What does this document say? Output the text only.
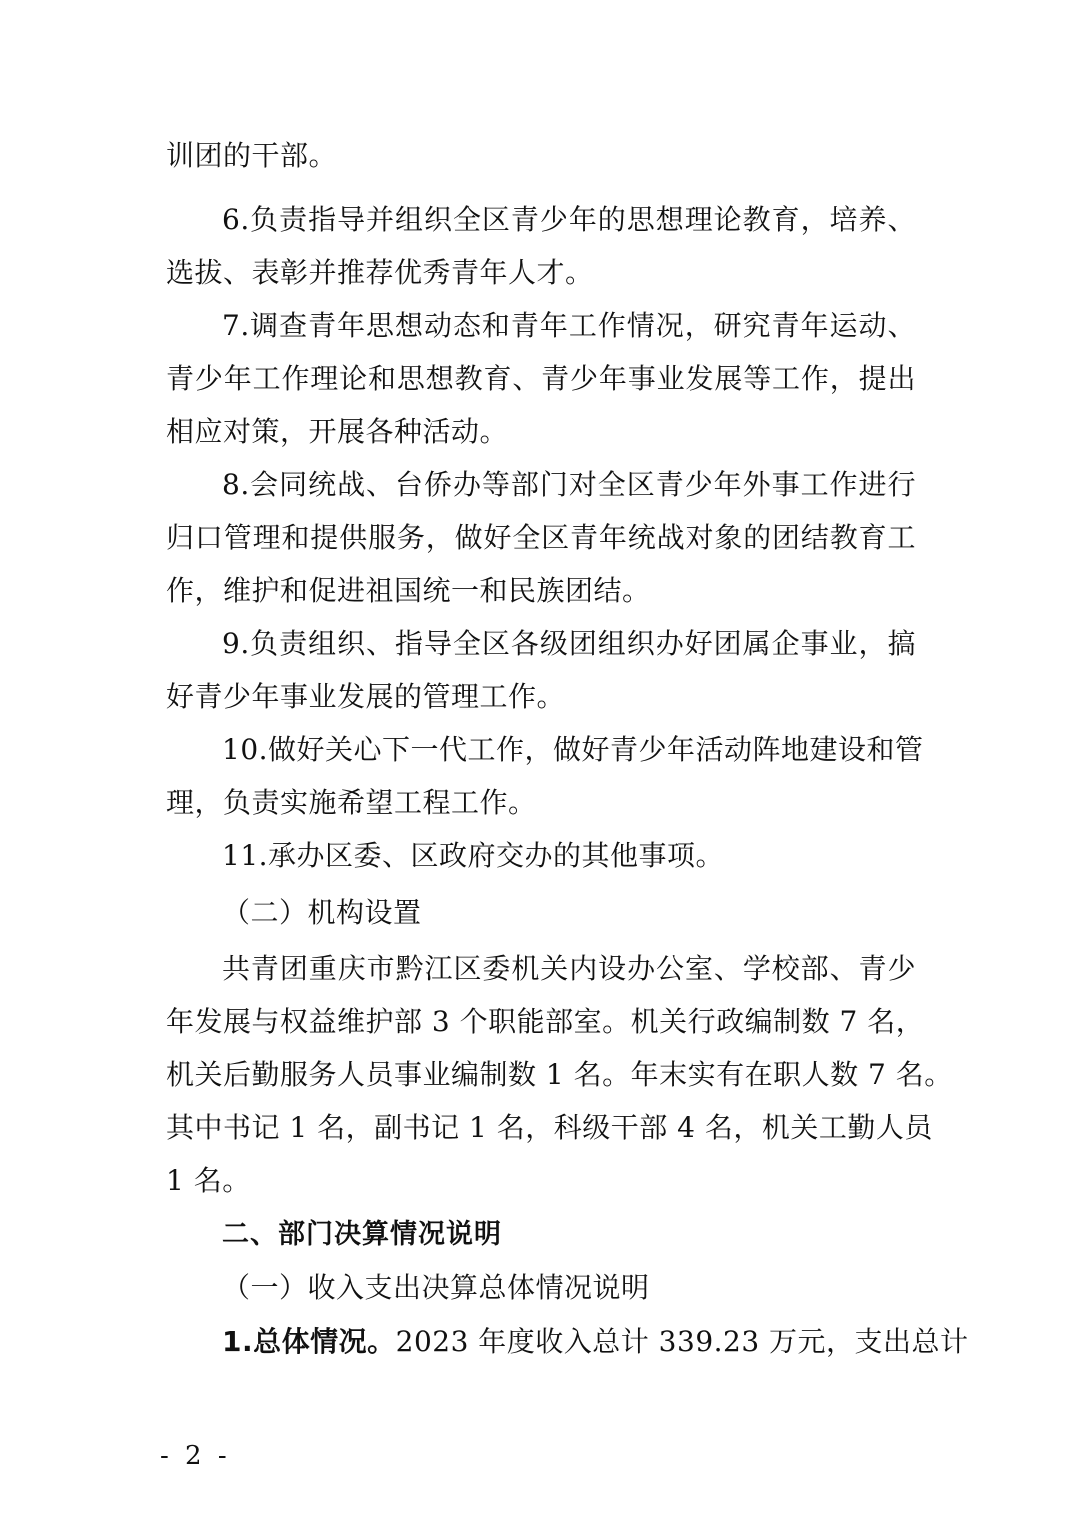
训团的干部。

6.负责指导并组织全区青少年的思想理论教育，培养、

选拔、表彰并推荐优秀青年人才。

7.调查青年思想动态和青年工作情况，研究青年运动、

青少年工作理论和思想教育、青少年事业发展等工作，提出

相应对策，开展各种活动。

8.会同统战、台侨办等部门对全区青少年外事工作进行

归口管理和提供服务，做好全区青年统战对象的团结教育工

作，维护和促进祖国统一和民族团结。

9.负责组织、指导全区各级团组织办好团属企事业，搞

好青少年事业发展的管理工作。

10.做好关心下一代工作，做好青少年活动阵地建设和管

理，负责实施希望工程工作。

11.承办区委、区政府交办的其他事项。

（二）机构设置

共青团重庆市黔江区委机关内设办公室、学校部、青少

年发展与权益维护部 3 个职能部室。机关行政编制数 7 名，

机关后勤服务人员事业编制数 1 名。年末实有在职人数 7 名。

其中书记 1 名，副书记 1 名，科级干部 4 名，机关工勤人员

1 名。

二、部门决算情况说明

（一）收入支出决算总体情况说明

1.总体情况。2023 年度收入总计 339.23 万元，支出总计

- 2 -
